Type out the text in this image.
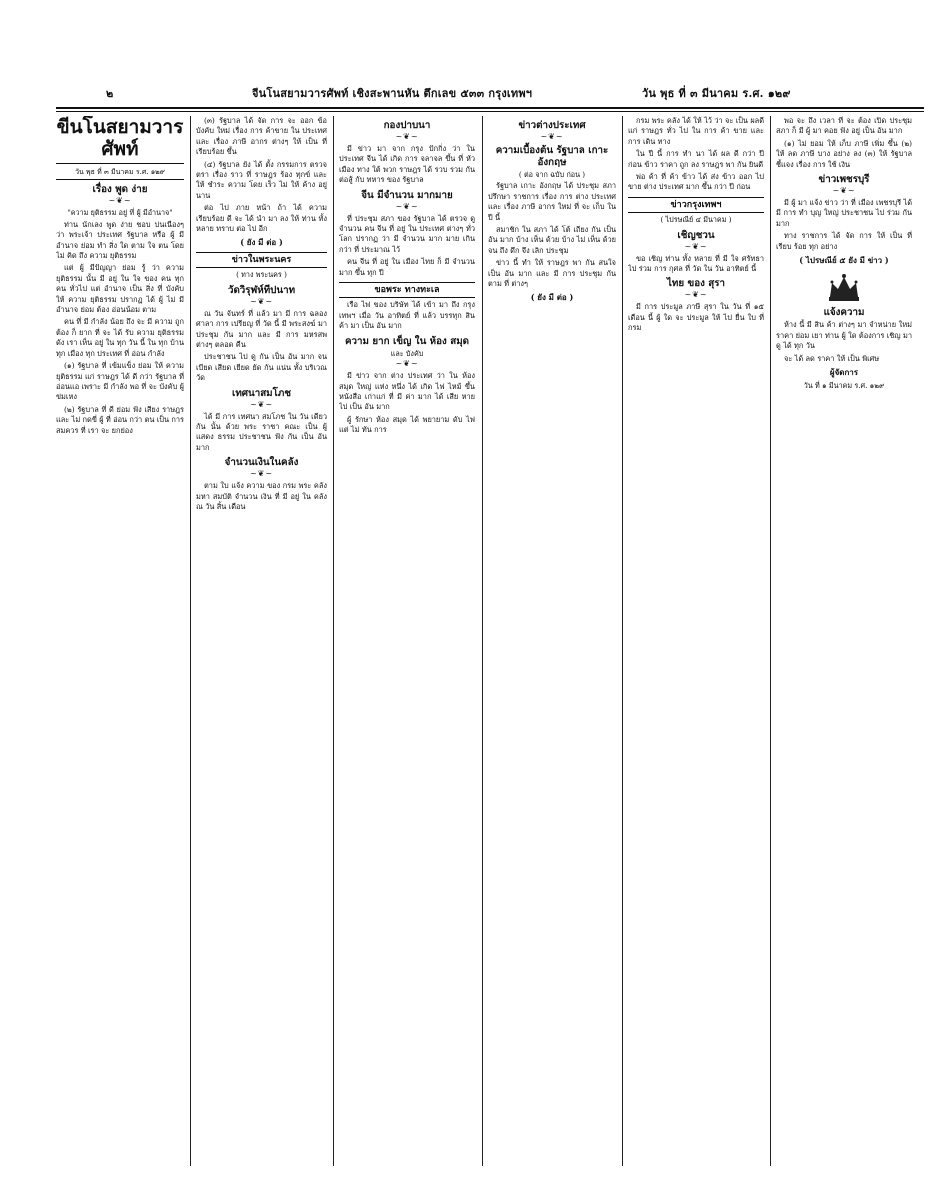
๒	จีนโนสยามวารศัพท์ เชิงสะพานหัน ตึกเลข ๕๓๓ กรุงเทพฯ	วัน พุธ ที่ ๓ มีนาคม ร.ศ. ๑๒๙
ขีนโนสยามวารศัพท์
วัน พุธ ที่ ๓ มีนาคม ร.ศ. ๑๒๙
เรื่อง พูด ง่าย
~❦~
"ความ ยุติธรรม อยู่ ที่ ผู้ มีอำนาจ"

ท่าน นักเลง พูด ง่าย ชอบ บ่นเนืองๆ ว่า พระเจ้า ประเทศ รัฐบาล หรือ ผู้ มีอำนาจ ย่อม ทำ สิ่ง ใด ตาม ใจ ตน โดย ไม่ คิด ถึง ความ ยุติธรรม

แต่ ผู้ มีปัญญา ย่อม รู้ ว่า ความ ยุติธรรม นั้น มี อยู่ ใน ใจ ของ คน ทุก คน ทั่วไป แต่ อำนาจ เป็น สิ่ง ที่ บังคับ ให้ ความ ยุติธรรม ปรากฏ ได้ ผู้ ไม่ มี อำนาจ ย่อม ต้อง อ่อนน้อม ตาม

คน ที่ มี กำลัง น้อย ถึง จะ มี ความ ถูกต้อง ก็ ยาก ที่ จะ ได้ รับ ความ ยุติธรรม ดัง เรา เห็น อยู่ ใน ทุก วัน นี้ ใน ทุก บ้าน ทุก เมือง ทุก ประเทศ ที่ อ่อน กำลัง

(๑) รัฐบาล ที่ เข้มแข็ง ย่อม ให้ ความ ยุติธรรม แก่ ราษฎร ได้ ดี กว่า รัฐบาล ที่ อ่อนแอ เพราะ มี กำลัง พอ ที่ จะ บังคับ ผู้ ข่มเหง

(๒) รัฐบาล ที่ ดี ย่อม ฟัง เสียง ราษฎร และ ไม่ กดขี่ ผู้ ที่ อ่อน กว่า ตน เป็น การ สมควร ที่ เรา จะ ยกย่อง

(๓) รัฐบาล ได้ จัด การ จะ ออก ข้อ บังคับ ใหม่ เรื่อง การ ค้าขาย ใน ประเทศ และ เรื่อง ภาษี อากร ต่างๆ ให้ เป็น ที่ เรียบร้อย ขึ้น

(๔) รัฐบาล ยัง ได้ ตั้ง กรรมการ ตรวจ ตรา เรื่อง ราว ที่ ราษฎร ร้อง ทุกข์ และ ให้ ชำระ ความ โดย เร็ว ไม่ ให้ ค้าง อยู่ นาน

ต่อ ไป ภาย หน้า ถ้า ได้ ความ เรียบร้อย ดี จะ ได้ นำ มา ลง ให้ ท่าน ทั้ง หลาย ทราบ ต่อ ไป อีก

( ยัง มี ต่อ )
ข่าวในพระนคร
( ทาง พระนคร )
วัดวิรุฬห์ทีปนาท
~❦~

ณ วัน จันทร์ ที่ แล้ว มา มี การ ฉลอง ศาลา การ เปรียญ ที่ วัด นี้ มี พระสงฆ์ มา ประชุม กัน มาก และ มี การ มหรสพ ต่างๆ ตลอด คืน

ประชาชน ไป ดู กัน เป็น อัน มาก จน เบียด เสียด เยียด ยัด กัน แน่น ทั้ง บริเวณ วัด

เทศนาสมโภช
~❦~

ได้ มี การ เทศนา สมโภช ใน วัน เดียว กัน นั้น ด้วย พระ ราชา คณะ เป็น ผู้ แสดง ธรรม ประชาชน ฟัง กัน เป็น อัน มาก

จำนวนเงินในคลัง
~❦~

ตาม ใบ แจ้ง ความ ของ กรม พระ คลัง มหา สมบัติ จำนวน เงิน ที่ มี อยู่ ใน คลัง ณ วัน สิ้น เดือน

กองปาบนา
~❦~

มี ข่าว มา จาก กรุง ปักกิ่ง ว่า ใน ประเทศ จีน ได้ เกิด การ จลาจล ขึ้น ที่ หัว เมือง ทาง ใต้ พวก ราษฎร ได้ รวบ รวม กัน ต่อสู้ กับ ทหาร ของ รัฐบาล

จีน มีจำนวน มากมาย
~❦~

ที่ ประชุม สภา ของ รัฐบาล ได้ ตรวจ ดู จำนวน คน จีน ที่ อยู่ ใน ประเทศ ต่างๆ ทั่ว โลก ปรากฏ ว่า มี จำนวน มาก มาย เกิน กว่า ที่ ประมาณ ไว้

คน จีน ที่ อยู่ ใน เมือง ไทย ก็ มี จำนวน มาก ขึ้น ทุก ปี

ขอพระ ทางทะเล

เรือ ไฟ ของ บริษัท ได้ เข้า มา ถึง กรุง เทพฯ เมื่อ วัน อาทิตย์ ที่ แล้ว บรรทุก สิน ค้า มา เป็น อัน มาก

ความ ยาก เข็ญ ใน ห้อง สมุด
และ บังคับ
~❦~

มี ข่าว จาก ต่าง ประเทศ ว่า ใน ห้อง สมุด ใหญ่ แห่ง หนึ่ง ได้ เกิด ไฟ ไหม้ ขึ้น หนังสือ เก่าแก่ ที่ มี ค่า มาก ได้ เสีย หาย ไป เป็น อัน มาก

ผู้ รักษา ห้อง สมุด ได้ พยายาม ดับ ไฟ แต่ ไม่ ทัน การ

ข่าวต่างประเทศ
~❦~
ความเบื้องต้น รัฐบาล เกาะอังกฤษ
( ต่อ จาก ฉบับ ก่อน )

รัฐบาล เกาะ อังกฤษ ได้ ประชุม สภา ปรึกษา ราชการ เรื่อง การ ต่าง ประเทศ และ เรื่อง ภาษี อากร ใหม่ ที่ จะ เก็บ ใน ปี นี้

สมาชิก ใน สภา ได้ โต้ เถียง กัน เป็น อัน มาก บ้าง เห็น ด้วย บ้าง ไม่ เห็น ด้วย จน ถึง ดึก จึง เลิก ประชุม

ข่าว นี้ ทำ ให้ ราษฎร พา กัน สนใจ เป็น อัน มาก และ มี การ ประชุม กัน ตาม ที่ ต่างๆ

( ยัง มี ต่อ )

กรม พระ คลัง ได้ ให้ ไว้ ว่า จะ เป็น ผลดี แก่ ราษฎร ทั่ว ไป ใน การ ค้า ขาย และ การ เดิน ทาง

ใน ปี นี้ การ ทำ นา ได้ ผล ดี กว่า ปี ก่อน ข้าว ราคา ถูก ลง ราษฎร พา กัน ยินดี

พ่อ ค้า ที่ ค้า ข้าว ได้ ส่ง ข้าว ออก ไป ขาย ต่าง ประเทศ มาก ขึ้น กว่า ปี ก่อน

ข่าวกรุงเทพฯ
( ไปรษณีย์ ๔ มีนาคม )
เชิญชวน
~❦~

ขอ เชิญ ท่าน ทั้ง หลาย ที่ มี ใจ ศรัทธา ไป ร่วม การ กุศล ที่ วัด ใน วัน อาทิตย์ นี้

ไทย ของ สุรา
~❦~

มี การ ประมูล ภาษี สุรา ใน วัน ที่ ๑๕ เดือน นี้ ผู้ ใด จะ ประมูล ให้ ไป ยื่น ใบ ที่ กรม

พอ จะ ถึง เวลา ที่ จะ ต้อง เปิด ประชุม สภา ก็ มี ผู้ มา คอย ฟัง อยู่ เป็น อัน มาก

(๑) ไม่ ยอม ให้ เก็บ ภาษี เพิ่ม ขึ้น (๒) ให้ ลด ภาษี บาง อย่าง ลง (๓) ให้ รัฐบาล ชี้แจง เรื่อง การ ใช้ เงิน

ข่าวเพชรบุรี
~❦~

มี ผู้ มา แจ้ง ข่าว ว่า ที่ เมือง เพชรบุรี ได้ มี การ ทำ บุญ ใหญ่ ประชาชน ไป ร่วม กัน มาก

ทาง ราชการ ได้ จัด การ ให้ เป็น ที่ เรียบ ร้อย ทุก อย่าง

( ไปรษณีย์ ๕ ยัง มี ข่าว )
แจ้งความ

ห้าง นี้ มี สิน ค้า ต่างๆ มา จำหน่าย ใหม่ ราคา ย่อม เยา ท่าน ผู้ ใด ต้องการ เชิญ มา ดู ได้ ทุก วัน

จะ ได้ ลด ราคา ให้ เป็น พิเศษ

ผู้จัดการ
วัน ที่ ๑ มีนาคม ร.ศ. ๑๒๙
